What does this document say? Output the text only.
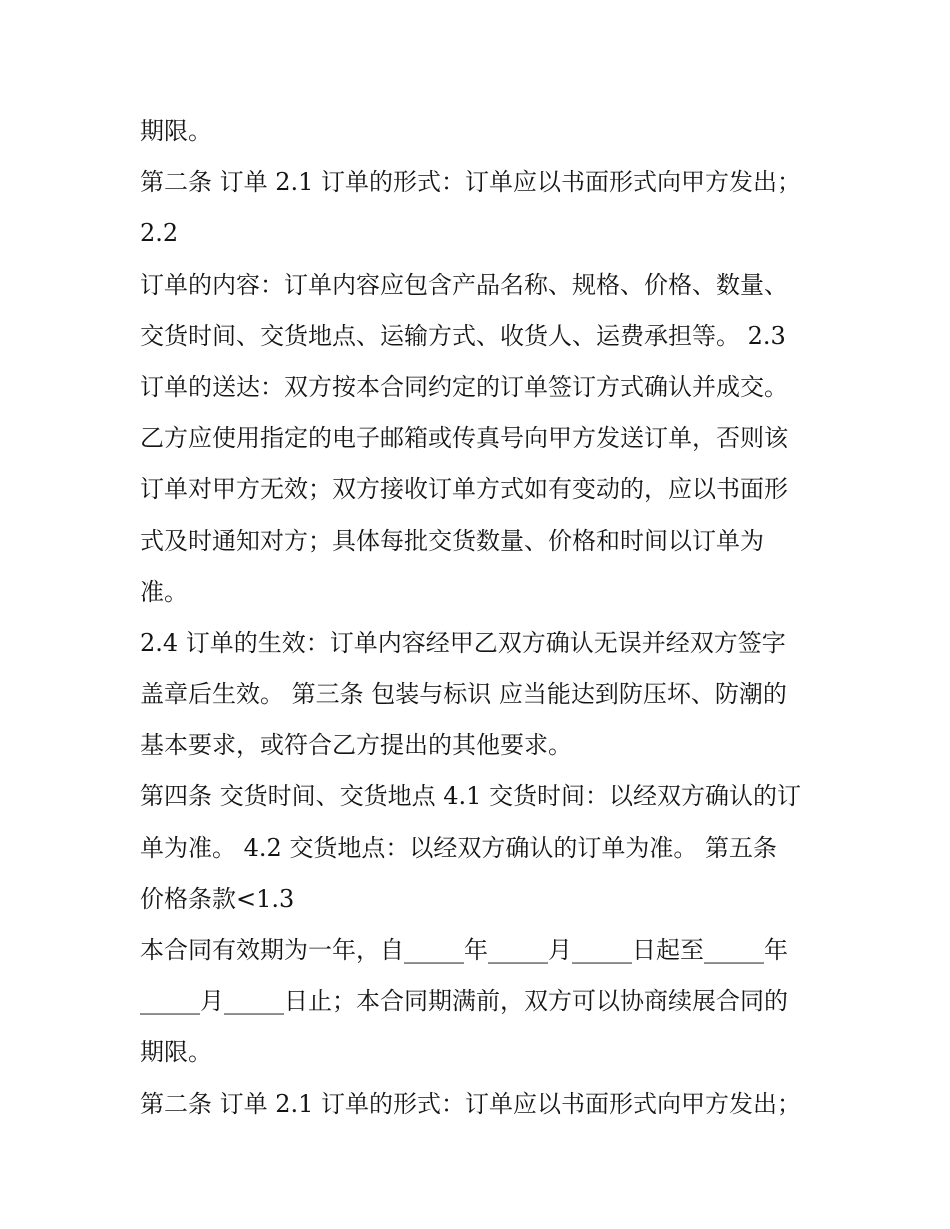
期限。
第二条 订单 2.1 订单的形式：订单应以书面形式向甲方发出；
2.2
订单的内容：订单内容应包含产品名称、规格、价格、数量、
交货时间、交货地点、运输方式、收货人、运费承担等。 2.3
订单的送达：双方按本合同约定的订单签订方式确认并成交。
乙方应使用指定的电子邮箱或传真号向甲方发送订单，否则该
订单对甲方无效；双方接收订单方式如有变动的，应以书面形
式及时通知对方；具体每批交货数量、价格和时间以订单为
准。
2.4 订单的生效：订单内容经甲乙双方确认无误并经双方签字
盖章后生效。 第三条 包装与标识 应当能达到防压坏、防潮的
基本要求，或符合乙方提出的其他要求。
第四条 交货时间、交货地点 4.1 交货时间：以经双方确认的订
单为准。 4.2 交货地点：以经双方确认的订单为准。 第五条
价格条款<1.3
本合同有效期为一年，自_____年_____月_____日起至_____年
_____月_____日止；本合同期满前，双方可以协商续展合同的
期限。
第二条 订单 2.1 订单的形式：订单应以书面形式向甲方发出；
